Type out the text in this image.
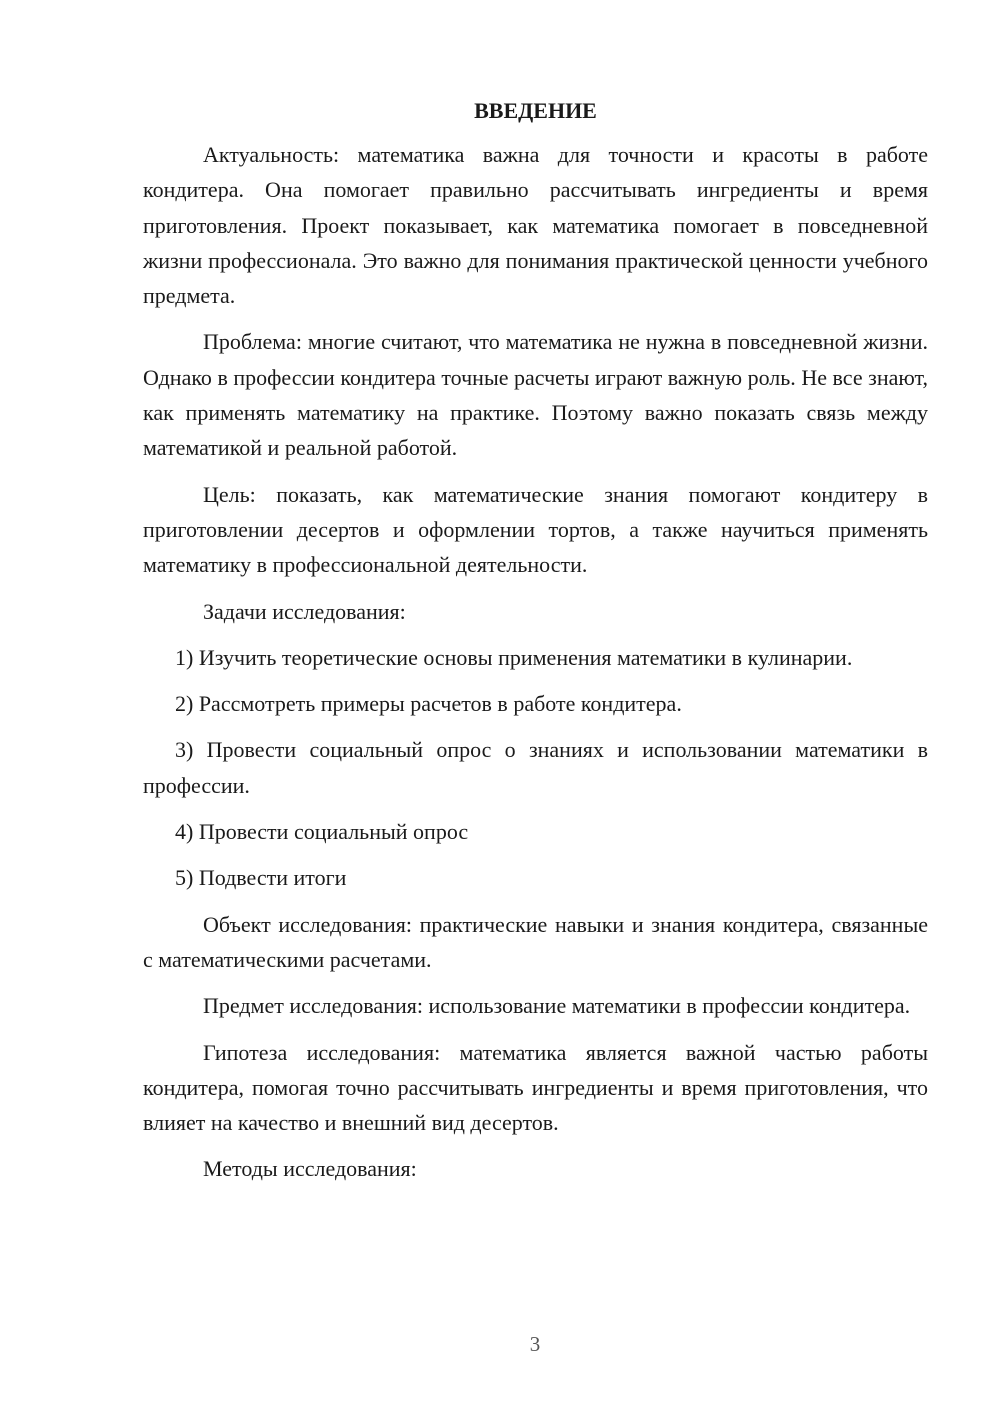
ВВЕДЕНИЕ

Актуальность: математика важна для точности и красоты в работе кондитера. Она помогает правильно рассчитывать ингредиенты и время приготовления. Проект показывает, как математика помогает в повседневной жизни профессионала. Это важно для понимания практической ценности учебного предмета.

Проблема: многие считают, что математика не нужна в повседневной жизни. Однако в профессии кондитера точные расчеты играют важную роль. Не все знают, как применять математику на практике. Поэтому важно показать связь между математикой и реальной работой.

Цель: показать, как математические знания помогают кондитеру в приготовлении десертов и оформлении тортов, а также научиться применять математику в профессиональной деятельности.

Задачи исследования:

1) Изучить теоретические основы применения математики в кулинарии.

2) Рассмотреть примеры расчетов в работе кондитера.

3) Провести социальный опрос о знаниях и использовании математики в профессии.

4) Провести социальный опрос

5) Подвести итоги

Объект исследования: практические навыки и знания кондитера, связанные с математическими расчетами.

Предмет исследования: использование математики в профессии кондитера.

Гипотеза исследования: математика является важной частью работы кондитера, помогая точно рассчитывать ингредиенты и время приготовления, что влияет на качество и внешний вид десертов.

Методы исследования:

3
